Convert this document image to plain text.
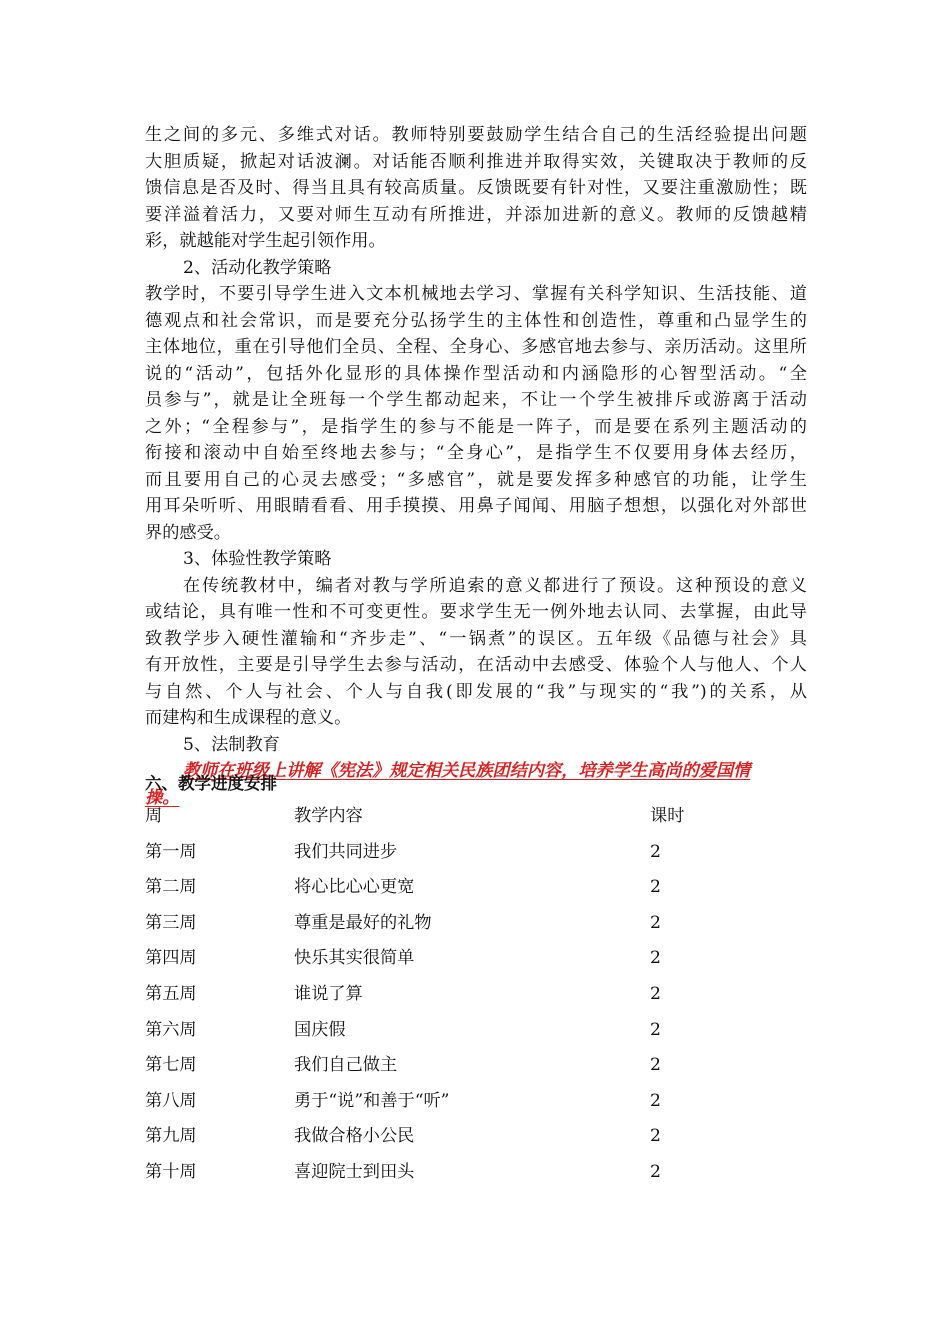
生之间的多元、多维式对话。教师特别要鼓励学生结合自己的生活经验提出问题
大胆质疑，掀起对话波澜。对话能否顺利推进并取得实效，关键取决于教师的反
馈信息是否及时、得当且具有较高质量。反馈既要有针对性，又要注重激励性；既
要洋溢着活力，又要对师生互动有所推进，并添加进新的意义。教师的反馈越精
彩，就越能对学生起引领作用。
2、活动化教学策略
教学时，不要引导学生进入文本机械地去学习、掌握有关科学知识、生活技能、道
德观点和社会常识，而是要充分弘扬学生的主体性和创造性，尊重和凸显学生的
主体地位，重在引导他们全员、全程、全身心、多感官地去参与、亲历活动。这里所
说的“活动”，包括外化显形的具体操作型活动和内涵隐形的心智型活动。“全
员参与”，就是让全班每一个学生都动起来，不让一个学生被排斥或游离于活动
之外；“全程参与”，是指学生的参与不能是一阵子，而是要在系列主题活动的
衔接和滚动中自始至终地去参与；“全身心”，是指学生不仅要用身体去经历，
而且要用自己的心灵去感受；“多感官”，就是要发挥多种感官的功能，让学生
用耳朵听听、用眼睛看看、用手摸摸、用鼻子闻闻、用脑子想想，以强化对外部世
界的感受。
3、体验性教学策略
在传统教材中，编者对教与学所追索的意义都进行了预设。这种预设的意义
或结论，具有唯一性和不可变更性。要求学生无一例外地去认同、去掌握，由此导
致教学步入硬性灌输和“齐步走”、“一锅煮”的误区。五年级《品德与社会》具
有开放性，主要是引导学生去参与活动，在活动中去感受、体验个人与他人、个人
与自然、个人与社会、个人与自我(即发展的“我”与现实的“我”)的关系，从
而建构和生成课程的意义。
5、法制教育
教师在班级上讲解《宪法》规定相关民族团结内容，培养学生高尚的爱国情
操。
六、教学进度安排
周	教学内容	课时
第一周	我们共同进步	2
第二周	将心比心心更宽	2
第三周	尊重是最好的礼物	2
第四周	快乐其实很简单	2
第五周	谁说了算	2
第六周	国庆假	2
第七周	我们自己做主	2
第八周	勇于“说”和善于“听”	2
第九周	我做合格小公民	2
第十周	喜迎院士到田头	2
